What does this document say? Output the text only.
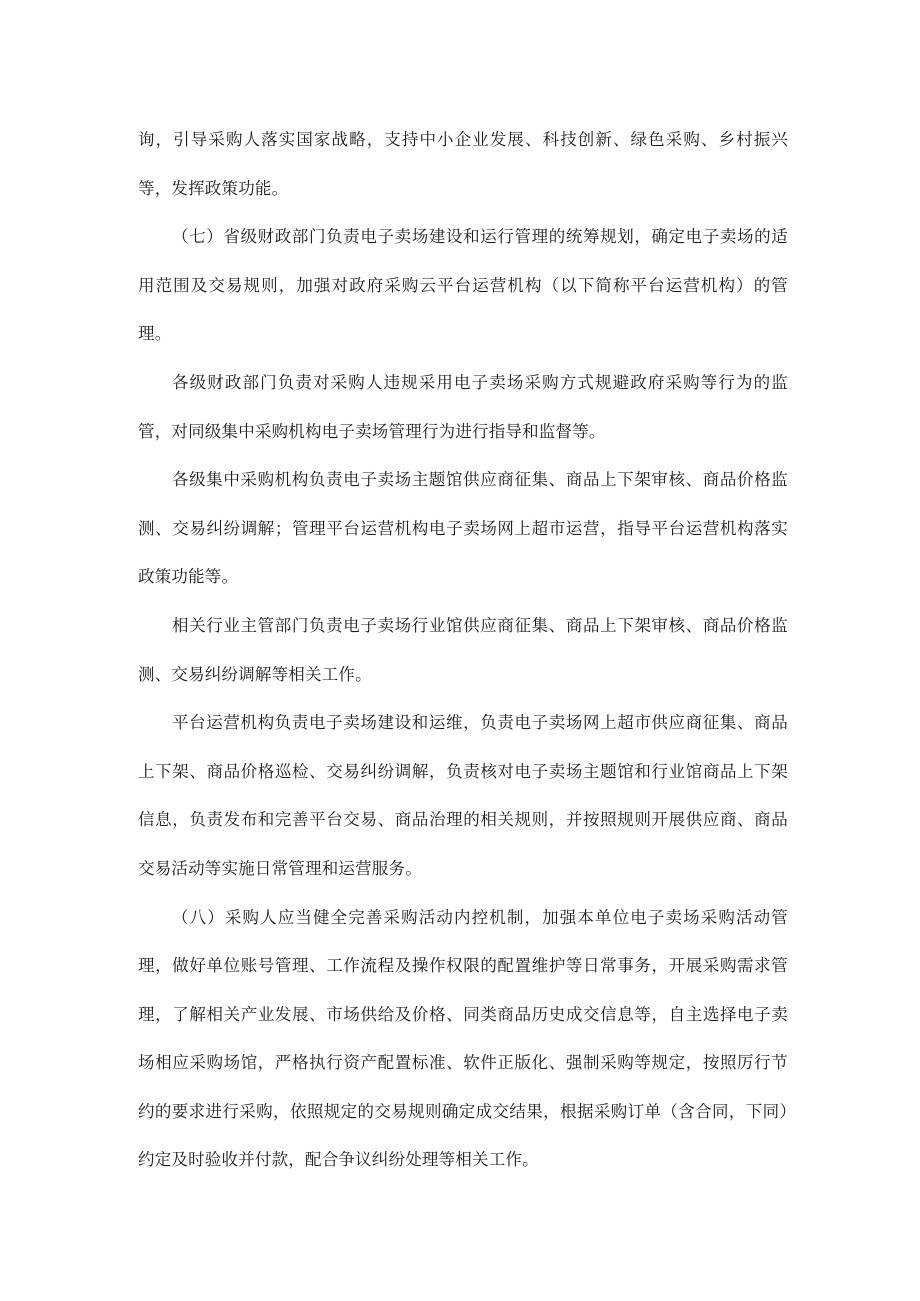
询，引导采购人落实国家战略，支持中小企业发展、科技创新、绿色采购、乡村振兴等，发挥政策功能。

（七）省级财政部门负责电子卖场建设和运行管理的统筹规划，确定电子卖场的适用范围及交易规则，加强对政府采购云平台运营机构（以下简称平台运营机构）的管理。

各级财政部门负责对采购人违规采用电子卖场采购方式规避政府采购等行为的监管，对同级集中采购机构电子卖场管理行为进行指导和监督等。

各级集中采购机构负责电子卖场主题馆供应商征集、商品上下架审核、商品价格监测、交易纠纷调解；管理平台运营机构电子卖场网上超市运营，指导平台运营机构落实政策功能等。

相关行业主管部门负责电子卖场行业馆供应商征集、商品上下架审核、商品价格监测、交易纠纷调解等相关工作。

平台运营机构负责电子卖场建设和运维，负责电子卖场网上超市供应商征集、商品上下架、商品价格巡检、交易纠纷调解，负责核对电子卖场主题馆和行业馆商品上下架信息，负责发布和完善平台交易、商品治理的相关规则，并按照规则开展供应商、商品交易活动等实施日常管理和运营服务。

（八）采购人应当健全完善采购活动内控机制，加强本单位电子卖场采购活动管理，做好单位账号管理、工作流程及操作权限的配置维护等日常事务，开展采购需求管理，了解相关产业发展、市场供给及价格、同类商品历史成交信息等，自主选择电子卖场相应采购场馆，严格执行资产配置标准、软件正版化、强制采购等规定，按照厉行节约的要求进行采购，依照规定的交易规则确定成交结果，根据采购订单（含合同，下同）约定及时验收并付款，配合争议纠纷处理等相关工作。
